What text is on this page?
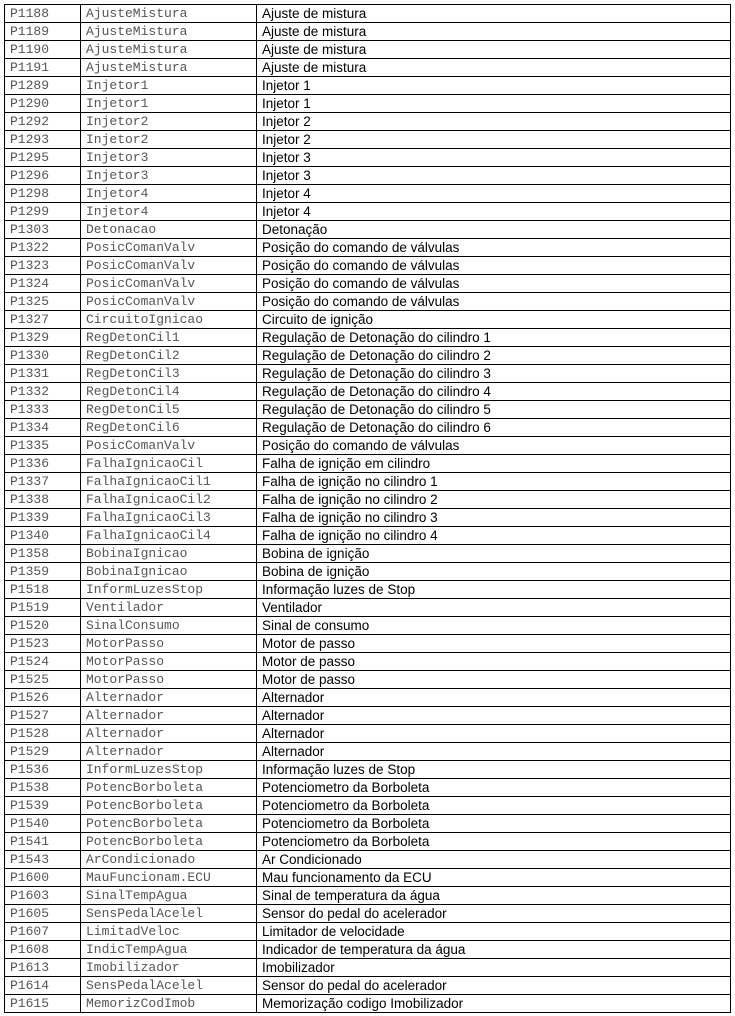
P1188	AjusteMistura	Ajuste de mistura
P1189	AjusteMistura	Ajuste de mistura
P1190	AjusteMistura	Ajuste de mistura
P1191	AjusteMistura	Ajuste de mistura
P1289	Injetor1	Injetor 1
P1290	Injetor1	Injetor 1
P1292	Injetor2	Injetor 2
P1293	Injetor2	Injetor 2
P1295	Injetor3	Injetor 3
P1296	Injetor3	Injetor 3
P1298	Injetor4	Injetor 4
P1299	Injetor4	Injetor 4
P1303	Detonacao	Detonação
P1322	PosicComanValv	Posição do comando de válvulas
P1323	PosicComanValv	Posição do comando de válvulas
P1324	PosicComanValv	Posição do comando de válvulas
P1325	PosicComanValv	Posição do comando de válvulas
P1327	CircuitoIgnicao	Circuito de ignição
P1329	RegDetonCil1	Regulação de Detonação do cilindro 1
P1330	RegDetonCil2	Regulação de Detonação do cilindro 2
P1331	RegDetonCil3	Regulação de Detonação do cilindro 3
P1332	RegDetonCil4	Regulação de Detonação do cilindro 4
P1333	RegDetonCil5	Regulação de Detonação do cilindro 5
P1334	RegDetonCil6	Regulação de Detonação do cilindro 6
P1335	PosicComanValv	Posição do comando de válvulas
P1336	FalhaIgnicaoCil	Falha de ignição em cilindro
P1337	FalhaIgnicaoCil1	Falha de ignição no cilindro 1
P1338	FalhaIgnicaoCil2	Falha de ignição no cilindro 2
P1339	FalhaIgnicaoCil3	Falha de ignição no cilindro 3
P1340	FalhaIgnicaoCil4	Falha de ignição no cilindro 4
P1358	BobinaIgnicao	Bobina de ignição
P1359	BobinaIgnicao	Bobina de ignição
P1518	InformLuzesStop	Informação luzes de Stop
P1519	Ventilador	Ventilador
P1520	SinalConsumo	Sinal de consumo
P1523	MotorPasso	Motor de passo
P1524	MotorPasso	Motor de passo
P1525	MotorPasso	Motor de passo
P1526	Alternador	Alternador
P1527	Alternador	Alternador
P1528	Alternador	Alternador
P1529	Alternador	Alternador
P1536	InformLuzesStop	Informação luzes de Stop
P1538	PotencBorboleta	Potenciometro da Borboleta
P1539	PotencBorboleta	Potenciometro da Borboleta
P1540	PotencBorboleta	Potenciometro da Borboleta
P1541	PotencBorboleta	Potenciometro da Borboleta
P1543	ArCondicionado	Ar Condicionado
P1600	MauFuncionam.ECU	Mau funcionamento da ECU
P1603	SinalTempAgua	Sinal de temperatura da água
P1605	SensPedalAcelel	Sensor do pedal do acelerador
P1607	LimitadVeloc	Limitador de velocidade
P1608	IndicTempAgua	Indicador de temperatura da água
P1613	Imobilizador	Imobilizador
P1614	SensPedalAcelel	Sensor do pedal do acelerador
P1615	MemorizCodImob	Memorização codigo Imobilizador
